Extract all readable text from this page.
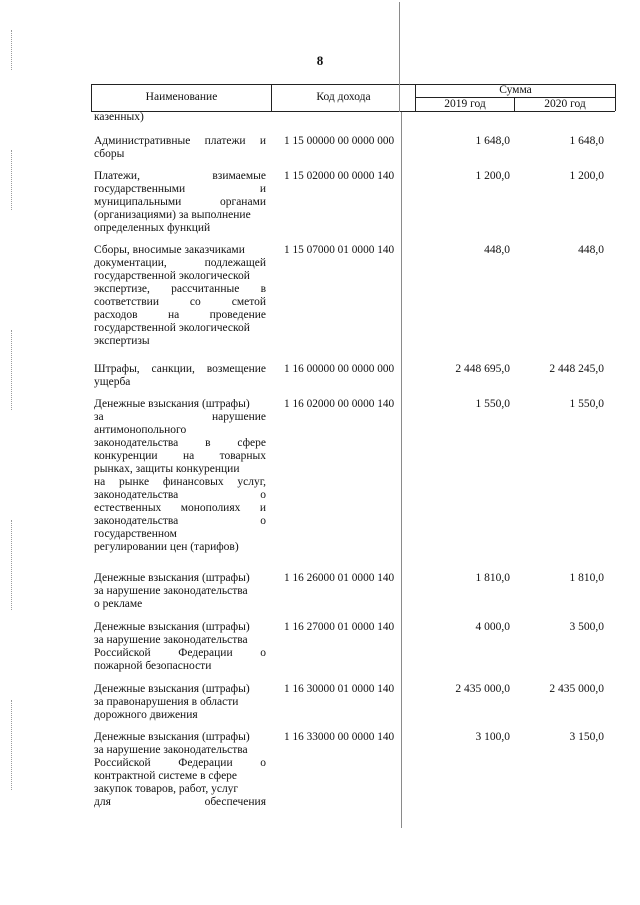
8
Наименование	Код дохода
Сумма
2019 год	2020 год
казенных)
Административные платежи и
сборы
1 15 00000 00 0000 000	1 648,0	1 648,0
Платежи, взимаемые
государственными и
муниципальными органами
(организациями) за выполнение
определенных функций
1 15 02000 00 0000 140	1 200,0	1 200,0
Сборы, вносимые заказчиками
документации, подлежащей
государственной экологической
экспертизе, рассчитанные в
соответствии со сметой
расходов на проведение
государственной экологической
экспертизы
1 15 07000 01 0000 140	448,0	448,0
Штрафы, санкции, возмещение
ущерба
1 16 00000 00 0000 000	2 448 695,0	2 448 245,0
Денежные взыскания (штрафы)
за нарушение
антимонопольного
законодательства в сфере
конкуренции на товарных
рынках, защиты конкуренции
на рынке финансовых услуг,
законодательства о
естественных монополиях и
законодательства о
государственном
регулировании цен (тарифов)
1 16 02000 00 0000 140	1 550,0	1 550,0
Денежные взыскания (штрафы)
за нарушение законодательства
о рекламе
1 16 26000 01 0000 140	1 810,0	1 810,0
Денежные взыскания (штрафы)
за нарушение законодательства
Российской Федерации о
пожарной безопасности
1 16 27000 01 0000 140	4 000,0	3 500,0
Денежные взыскания (штрафы)
за правонарушения в области
дорожного движения
1 16 30000 01 0000 140	2 435 000,0	2 435 000,0
Денежные взыскания (штрафы)
за нарушение законодательства
Российской Федерации о
контрактной системе в сфере
закупок товаров, работ, услуг
для обеспечения
1 16 33000 00 0000 140	3 100,0	3 150,0
